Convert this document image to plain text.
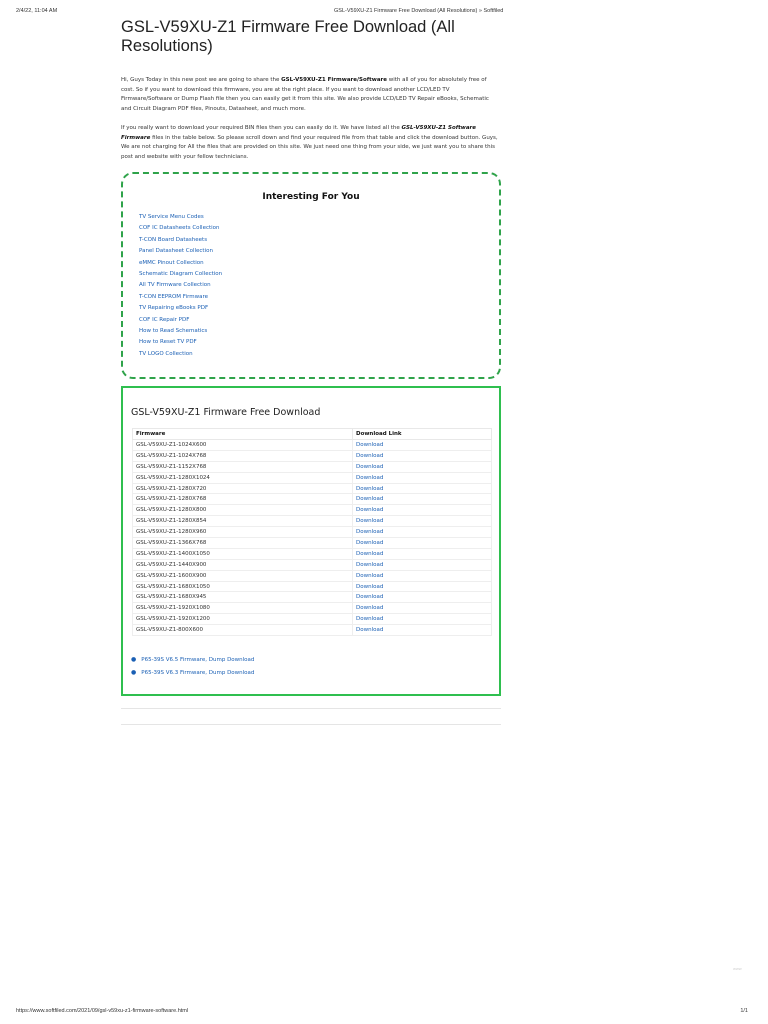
2/4/22, 11:04 AM	GSL-V59XU-Z1 Firmware Free Download (All Resolutions) » Softfiled
GSL-V59XU-Z1 Firmware Free Download (All Resolutions)
Hi, Guys Today in this new post we are going to share the GSL-V59XU-Z1 Firmware/Software with all of you for absolutely free of cost. So if you want to download this firmware, you are at the right place. If you want to download another LCD/LED TV Firmware/Software or Dump Flash file then you can easily get it from this site. We also provide LCD/LED TV Repair eBooks, Schematic and Circuit Diagram PDF files, Pinouts, Datasheet, and much more.
If you really want to download your required BIN files then you can easily do it. We have listed all the GSL-V59XU-Z1 Software Firmware files in the table below. So please scroll down and find your required file from that table and click the download button. Guys, We are not charging for All the files that are provided on this site. We just need one thing from your side, we just want you to share this post and website with your fellow technicians.
Interesting For You
TV Service Menu Codes
COF IC Datasheets Collection
T-CON Board Datasheets
Panel Datasheet Collection
eMMC Pinout Collection
Schematic Diagram Collection
All TV Firmware Collection
T-CON EEPROM Firmware
TV Repairing eBooks PDF
COF IC Repair PDF
How to Read Schematics
How to Reset TV PDF
TV LOGO Collection
GSL-V59XU-Z1 Firmware Free Download
Firmware	Download Link
GSL-V59XU-Z1-1024X600	Download
GSL-V59XU-Z1-1024X768	Download
GSL-V59XU-Z1-1152X768	Download
GSL-V59XU-Z1-1280X1024	Download
GSL-V59XU-Z1-1280X720	Download
GSL-V59XU-Z1-1280X768	Download
GSL-V59XU-Z1-1280X800	Download
GSL-V59XU-Z1-1280X854	Download
GSL-V59XU-Z1-1280X960	Download
GSL-V59XU-Z1-1366X768	Download
GSL-V59XU-Z1-1400X1050	Download
GSL-V59XU-Z1-1440X900	Download
GSL-V59XU-Z1-1600X900	Download
GSL-V59XU-Z1-1680X1050	Download
GSL-V59XU-Z1-1680X945	Download
GSL-V59XU-Z1-1920X1080	Download
GSL-V59XU-Z1-1920X1200	Download
GSL-V59XU-Z1-800X600	Download
● P65-39S V6.5 Firmware, Dump Download
● P65-39S V6.3 Firmware, Dump Download
www
https://www.softfiled.com/2021/09/gsl-v59xu-z1-firmware-software.html	1/1
